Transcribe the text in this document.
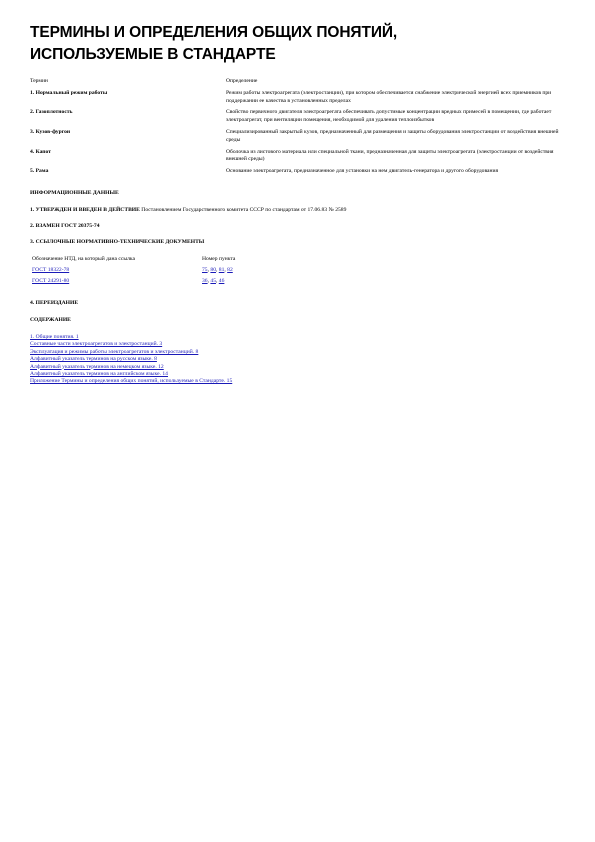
ТЕРМИНЫ И ОПРЕДЕЛЕНИЯ ОБЩИХ ПОНЯТИЙ,
ИСПОЛЬЗУЕМЫЕ В СТАНДАРТЕ
Термин	Определение
1. Нормальный режим работы	Режим работы электроагрегата (электростанции), при котором обеспечивается снабжение электрической энергией всех приемников при поддержании ее качества в установленных пределах
2. Газоплотность	Свойство первичного двигателя электроагрегата обеспечивать допустимые концентрации вредных примесей в помещении, где работает электроагрегат, при вентиляции помещения, необходимой для удаления теплоизбытков
3. Кузов-фургон	Специализированный закрытый кузов, предназначенный для размещения и защиты оборудования электростанции от воздействия внешней среды
4. Капот	Оболочка из листового материала или специальной ткани, предназначенная для защиты электроагрегата (электростанции от воздействия внешней среды)
5. Рама	Основание электроагрегата, предназначенное для установки на нем двигатель-генератора и другого оборудования

ИНФОРМАЦИОННЫЕ ДАННЫЕ

1. УТВЕРЖДЕН И ВВЕДЕН В ДЕЙСТВИЕ Постановлением Государственного комитета СССР по стандартам от 17.06.83 № 2589

2. ВЗАМЕН ГОСТ 20375-74

3. ССЫЛОЧНЫЕ НОРМАТИВНО-ТЕХНИЧЕСКИЕ ДОКУМЕНТЫ

Обозначение НТД, на который дана ссылка	Номер пункта
ГОСТ 18322-78	75, 80, 81, 82
ГОСТ 24291-80	36, 45, 46

4. ПЕРЕИЗДАНИЕ

СОДЕРЖАНИЕ

1. Общие понятия. 1
Составные части электроагрегатов и электростанций. 3
Эксплуатация и режимы работы электроагрегатов и электростанций. 8
Алфавитный указатель терминов на русском языке. 8
Алфавитный указатель терминов на немецком языке. 12
Алфавитный указатель терминов на английском языке. 14
Приложение Термины и определения общих понятий, используемые в Стандарте. 15
